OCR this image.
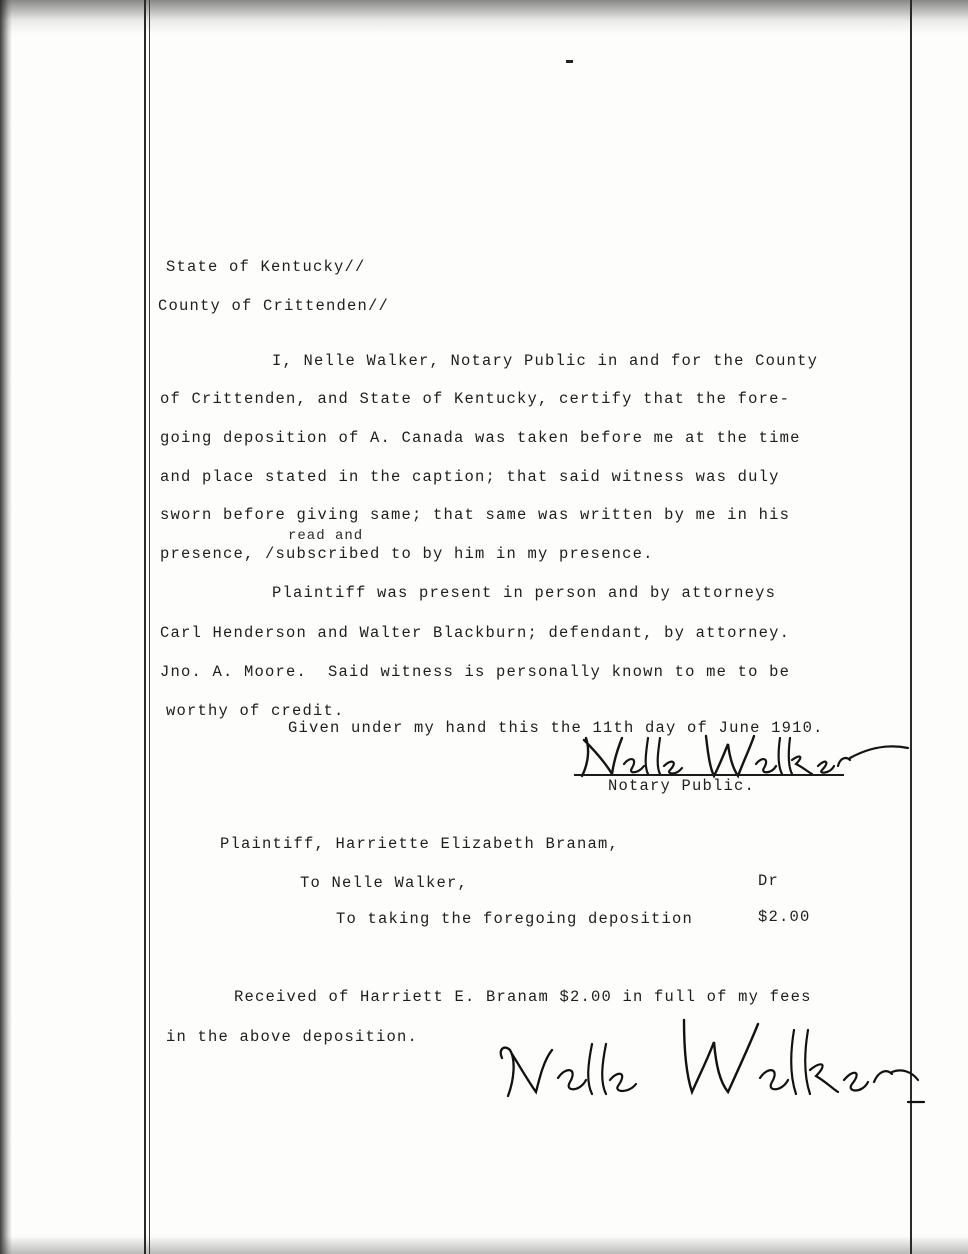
State of Kentucky//
County of Crittenden//
I, Nelle Walker, Notary Public in and for the County
of Crittenden, and State of Kentucky, certify that the fore-
going deposition of A. Canada was taken before me at the time
and place stated in the caption; that said witness was duly
sworn before giving same; that same was written by me in his
read and
presence, /subscribed to by him in my presence.
Plaintiff was present in person and by attorneys
Carl Henderson and Walter Blackburn; defendant, by attorney.
Jno. A. Moore.  Said witness is personally known to me to be
worthy of credit.
Given under my hand this the 11th day of June 1910.
Notary Public.
Plaintiff, Harriette Elizabeth Branam,
To Nelle Walker,	Dr
To taking the foregoing deposition	$2.00
Received of Harriett E. Branam $2.00 in full of my fees
in the above deposition.
